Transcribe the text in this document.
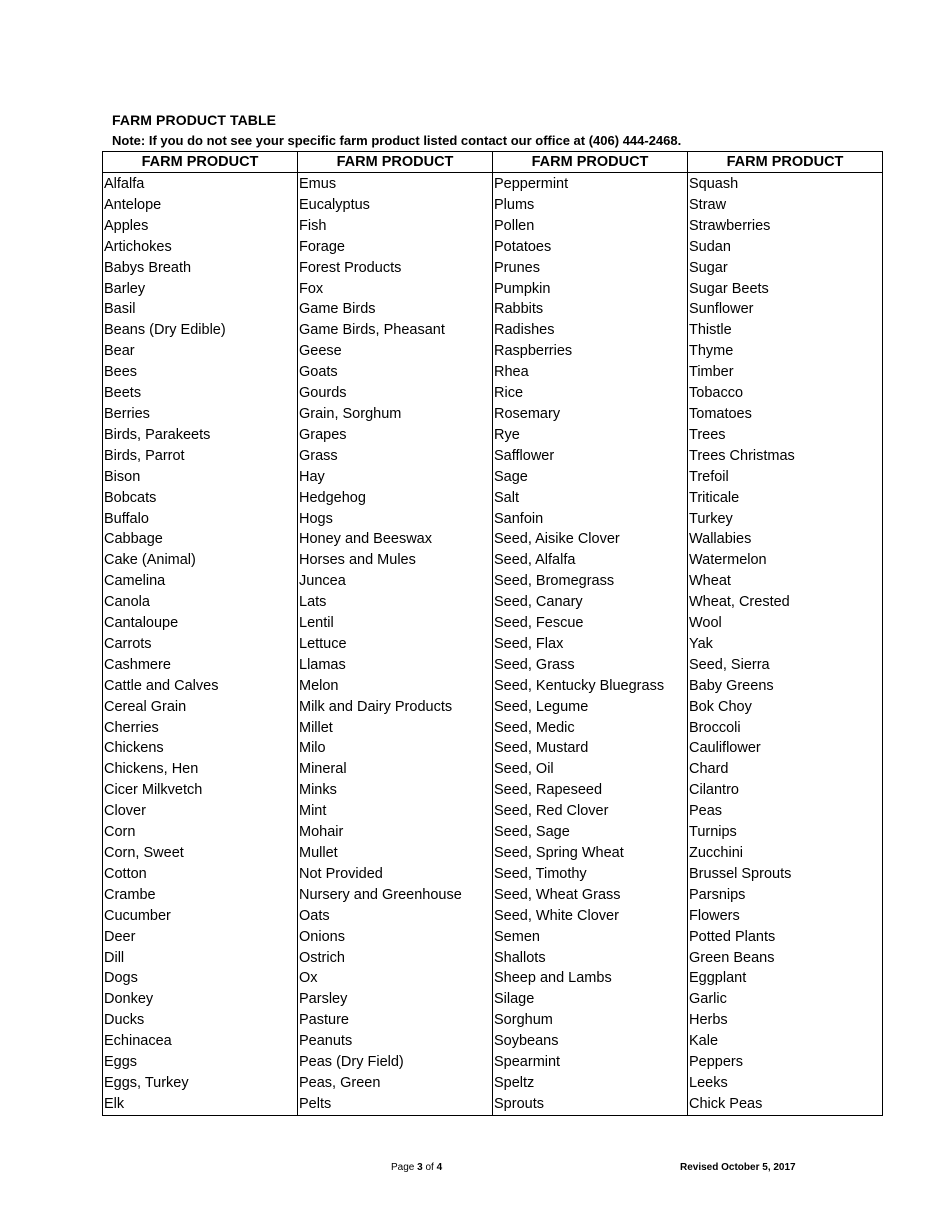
FARM PRODUCT TABLE
Note: If you do not see your specific farm product listed contact our office at (406) 444-2468.
FARM PRODUCT	FARM PRODUCT	FARM PRODUCT	FARM PRODUCT
Alfalfa	Emus	Peppermint	Squash
Antelope	Eucalyptus	Plums	Straw
Apples	Fish	Pollen	Strawberries
Artichokes	Forage	Potatoes	Sudan
Babys Breath	Forest Products	Prunes	Sugar
Barley	Fox	Pumpkin	Sugar Beets
Basil	Game Birds	Rabbits	Sunflower
Beans (Dry Edible)	Game Birds, Pheasant	Radishes	Thistle
Bear	Geese	Raspberries	Thyme
Bees	Goats	Rhea	Timber
Beets	Gourds	Rice	Tobacco
Berries	Grain, Sorghum	Rosemary	Tomatoes
Birds, Parakeets	Grapes	Rye	Trees
Birds, Parrot	Grass	Safflower	Trees Christmas
Bison	Hay	Sage	Trefoil
Bobcats	Hedgehog	Salt	Triticale
Buffalo	Hogs	Sanfoin	Turkey
Cabbage	Honey and Beeswax	Seed, Aisike Clover	Wallabies
Cake (Animal)	Horses and Mules	Seed, Alfalfa	Watermelon
Camelina	Juncea	Seed, Bromegrass	Wheat
Canola	Lats	Seed, Canary	Wheat, Crested
Cantaloupe	Lentil	Seed, Fescue	Wool
Carrots	Lettuce	Seed, Flax	Yak
Cashmere	Llamas	Seed, Grass	Seed, Sierra
Cattle and Calves	Melon	Seed, Kentucky Bluegrass	Baby Greens
Cereal Grain	Milk and Dairy Products	Seed, Legume	Bok Choy
Cherries	Millet	Seed, Medic	Broccoli
Chickens	Milo	Seed, Mustard	Cauliflower
Chickens, Hen	Mineral	Seed, Oil	Chard
Cicer Milkvetch	Minks	Seed, Rapeseed	Cilantro
Clover	Mint	Seed, Red Clover	Peas
Corn	Mohair	Seed, Sage	Turnips
Corn, Sweet	Mullet	Seed, Spring Wheat	Zucchini
Cotton	Not Provided	Seed, Timothy	Brussel Sprouts
Crambe	Nursery and Greenhouse	Seed, Wheat Grass	Parsnips
Cucumber	Oats	Seed, White Clover	Flowers
Deer	Onions	Semen	Potted Plants
Dill	Ostrich	Shallots	Green Beans
Dogs	Ox	Sheep and Lambs	Eggplant
Donkey	Parsley	Silage	Garlic
Ducks	Pasture	Sorghum	Herbs
Echinacea	Peanuts	Soybeans	Kale
Eggs	Peas (Dry Field)	Spearmint	Peppers
Eggs, Turkey	Peas, Green	Speltz	Leeks
Elk	Pelts	Sprouts	Chick Peas
Page 3 of 4	Revised October 5, 2017
